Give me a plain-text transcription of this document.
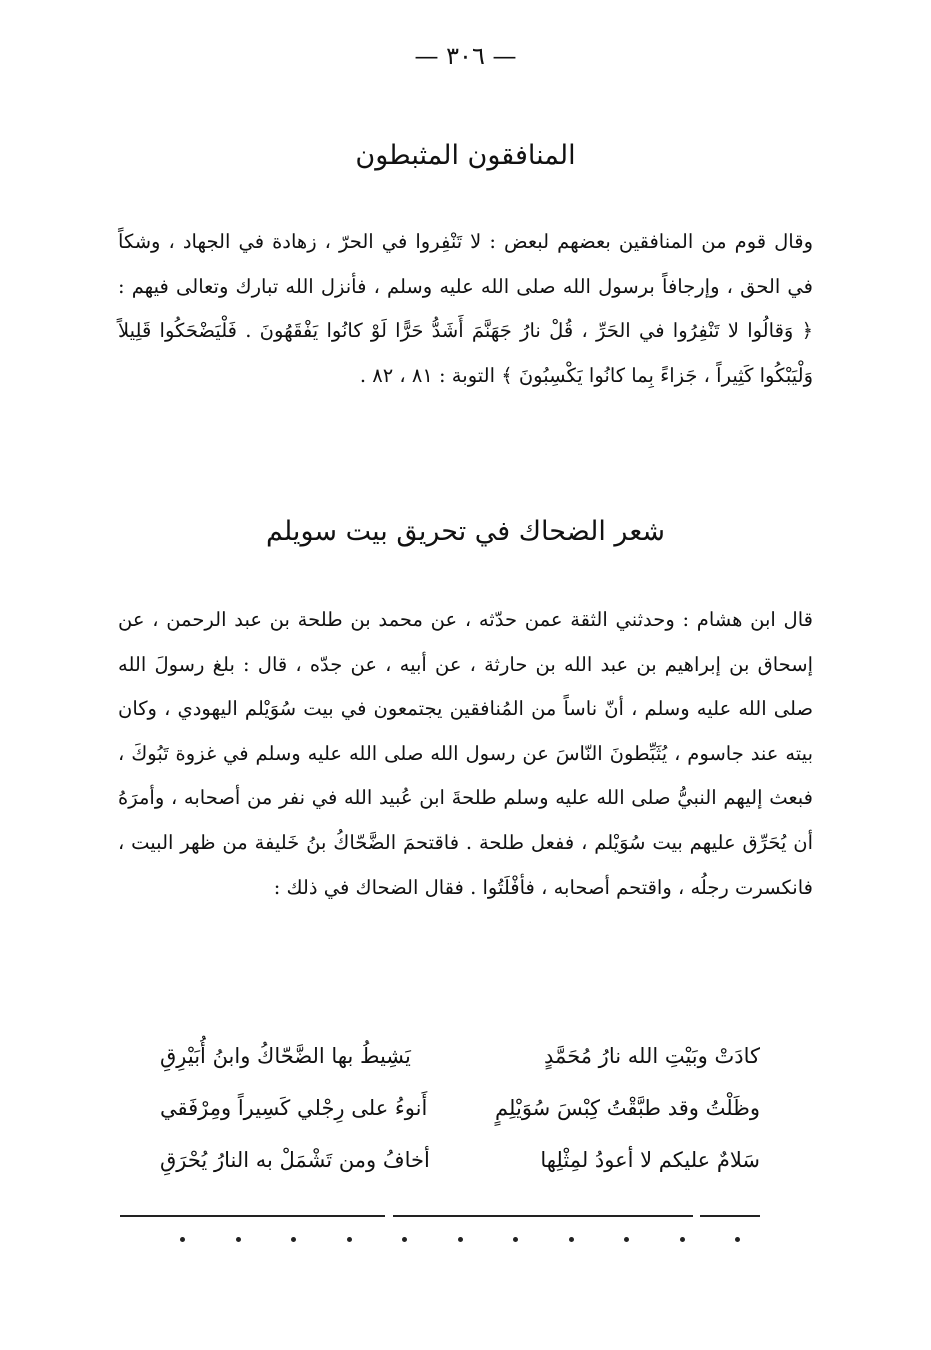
— ٣٠٦ —
المنافقون المثبطون

وقال قوم من المنافقين بعضهم لبعض : لا تَنْفِروا في الحرّ ، زهادة في الجهاد ، وشكاً في الحق ، وإرجافاً برسول الله صلى الله عليه وسلم ، فأنزل الله تبارك وتعالى فيهم : ﴿ وَقالُوا لا تَنْفِرُوا في الحَرِّ ، قُلْ نارُ جَهَنَّمَ أَشَدُّ حَرًّا لَوْ كانُوا يَفْقَهُونَ . فَلْيَضْحَكُوا قَلِيلاً وَلْيَبْكُوا كَثِيراً ، جَزاءً بِما كانُوا يَكْسِبُونَ ﴾ التوبة : ٨١ ، ٨٢ .

شعر الضحاك في تحريق بيت سويلم

قال ابن هشام : وحدثني الثقة عمن حدّثه ، عن محمد بن طلحة بن عبد الرحمن ، عن إسحاق بن إبراهيم بن عبد الله بن حارثة ، عن أبيه ، عن جدّه ، قال : بلغ رسولَ الله صلى الله عليه وسلم ، أنّ ناساً من المُنافقين يجتمعون في بيت سُوَيْلم اليهودي ، وكان بيته عند جاسوم ، يُثَبِّطونَ النّاسَ عن رسول الله صلى الله عليه وسلم في غزوة تَبُوكَ ، فبعث إليهم النبيُّ صلى الله عليه وسلم طلحةَ ابن عُبيد الله في نفر من أصحابه ، وأمرَهُ أن يُحَرِّق عليهم بيت سُوَيْلم ، ففعل طلحة . فاقتحمَ الضَّحّاكُ بنُ خَليفة من ظهر البيت ، فانكسرت رجلُه ، واقتحم أصحابه ، فأفْلَتُوا . فقال الضحاك في ذلك :

كادَتْ وبَيْتِ الله نارُ مُحَمَّدٍ
يَشِيطُ بها الضَّحّاكُ وابنُ أُبَيْرِقِ
وظَلْتُ وقد طبَّقْتُ كِبْسَ سُوَيْلِمٍ
أَنوءُ على رِجْلي كَسِيراً ومِرْفَقي
سَلامٌ عليكم لا أعودُ لمِثْلِها
أخافُ ومن تَشْمَلْ به النارُ يُحْرَقِ
